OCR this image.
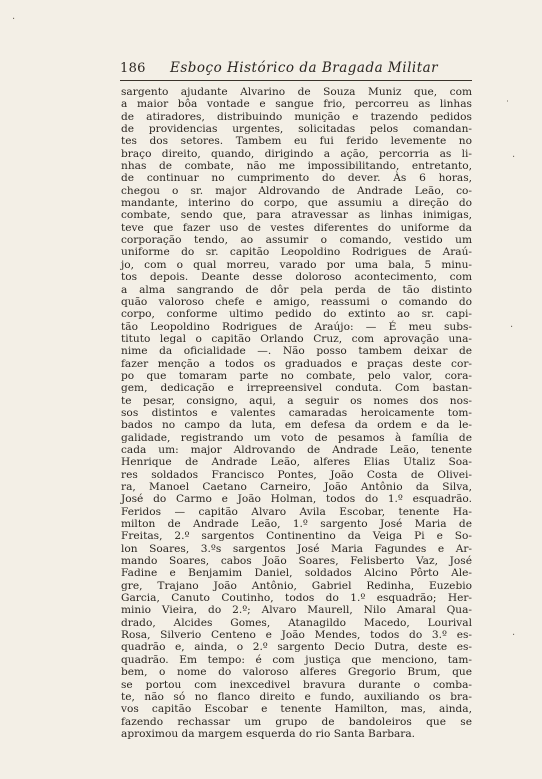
186	Esboço Histórico da Bragada Militar
sargento ajudante Alvarino de Souza Muniz que, com
a maior bôa vontade e sangue frio, percorreu as linhas
de atiradores, distribuindo munição e trazendo pedidos
de providencias urgentes, solicitadas pelos comandan-
tes dos setores. Tambem eu fui ferido levemente no
braço direito, quando, dirigindo a ação, percorria as li-
nhas de combate, não me impossibilitando, entretanto,
de continuar no cumprimento do dever. Às 6 horas,
chegou o sr. major Aldrovando de Andrade Leão, co-
mandante, interino do corpo, que assumiu a direção do
combate, sendo que, para atravessar as linhas inimigas,
teve que fazer uso de vestes diferentes do uniforme da
corporação tendo, ao assumir o comando, vestido um
uniforme do sr. capitão Leopoldino Rodrigues de Araú-
jo, com o qual morreu, varado por uma bala, 5 minu-
tos depois. Deante desse doloroso acontecimento, com
a alma sangrando de dôr pela perda de tão distinto
quão valoroso chefe e amigo, reassumi o comando do
corpo, conforme ultimo pedido do extinto ao sr. capi-
tão Leopoldino Rodrigues de Araújo: — É meu subs-
tituto legal o capitão Orlando Cruz, com aprovação una-
nime da oficialidade —. Não posso tambem deixar de
fazer menção a todos os graduados e praças deste cor-
po que tomaram parte no combate, pelo valor, cora-
gem, dedicação e irrepreensivel conduta. Com bastan-
te pesar, consigno, aqui, a seguir os nomes dos nos-
sos distintos e valentes camaradas heroicamente tom-
bados no campo da luta, em defesa da ordem e da le-
galidade, registrando um voto de pesamos à família de
cada um: major Aldrovando de Andrade Leão, tenente
Henrique de Andrade Leão, alferes Elias Utaliz Soa-
res soldados Francisco Pontes, João Costa de Olivei-
ra, Manoel Caetano Carneiro, João Antônio da Silva,
José do Carmo e João Holman, todos do 1.º esquadrão.
Feridos — capitão Alvaro Avila Escobar, tenente Ha-
milton de Andrade Leão, 1.º sargento José Maria de
Freitas, 2.º sargentos Continentino da Veiga Pi e So-
lon Soares, 3.ºs sargentos José Maria Fagundes e Ar-
mando Soares, cabos João Soares, Felisberto Vaz, José
Fadine e Benjamim Daniel, soldados Alcino Pôrto Ale-
gre, Trajano João Antônio, Gabriel Redinha, Euzebio
Garcia, Canuto Coutinho, todos do 1.º esquadrão; Her-
minio Vieira, do 2.º; Alvaro Maurell, Nilo Amaral Qua-
drado, Alcides Gomes, Atanagildo Macedo, Lourival
Rosa, Silverio Centeno e João Mendes, todos do 3.º es-
quadrão e, ainda, o 2.º sargento Decio Dutra, deste es-
quadrão. Em tempo: é com justiça que menciono, tam-
bem, o nome do valoroso alferes Gregorio Brum, que
se portou com inexcedivel bravura durante o comba-
te, não só no flanco direito e fundo, auxiliando os bra-
vos capitão Escobar e tenente Hamilton, mas, ainda,
fazendo rechassar um grupo de bandoleiros que se
aproximou da margem esquerda do rio Santa Barbara.
·
ᐝ
·
·
·
